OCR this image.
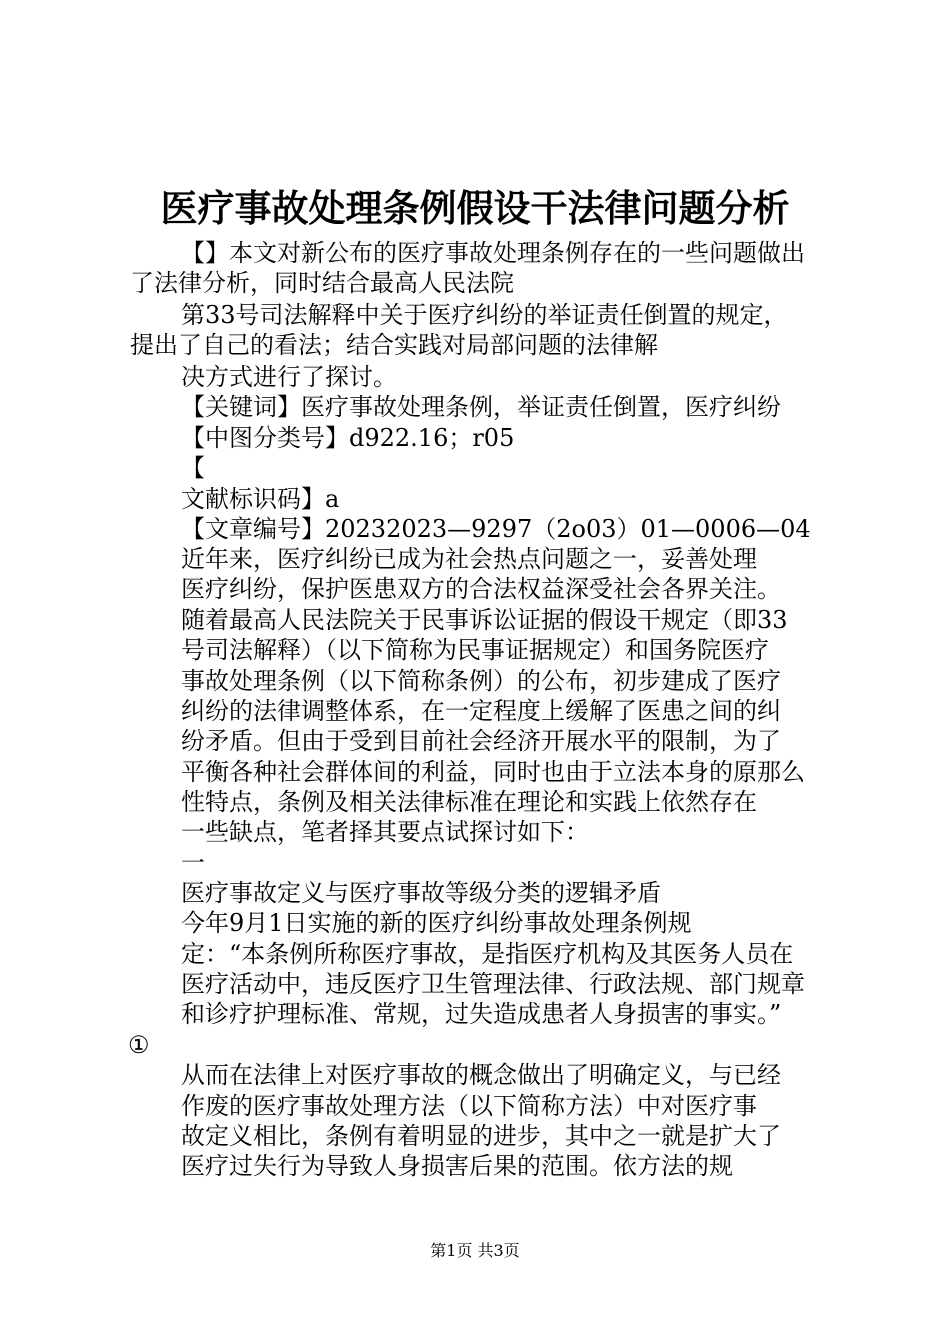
医疗事故处理条例假设干法律问题分析
【】本文对新公布的医疗事故处理条例存在的一些问题做出
了法律分析，同时结合最高人民法院
第33号司法解释中关于医疗纠纷的举证责任倒置的规定，
提出了自己的看法；结合实践对局部问题的法律解
决方式进行了探讨。
【关键词】医疗事故处理条例，举证责任倒置，医疗纠纷
【中图分类号】d922.16；r05
【
文献标识码】a
【文章编号】20232023—9297（2o03）01—0006—04
近年来，医疗纠纷已成为社会热点问题之一，妥善处理
医疗纠纷，保护医患双方的合法权益深受社会各界关注。
随着最高人民法院关于民事诉讼证据的假设干规定（即33
号司法解释）（以下简称为民事证据规定）和国务院医疗
事故处理条例（以下简称条例）的公布，初步建成了医疗
纠纷的法律调整体系，在一定程度上缓解了医患之间的纠
纷矛盾。但由于受到目前社会经济开展水平的限制，为了
平衡各种社会群体间的利益，同时也由于立法本身的原那么
性特点，条例及相关法律标准在理论和实践上依然存在
一些缺点，笔者择其要点试探讨如下：
一
医疗事故定义与医疗事故等级分类的逻辑矛盾
今年9月1日实施的新的医疗纠纷事故处理条例规
定：“本条例所称医疗事故，是指医疗机构及其医务人员在
医疗活动中，违反医疗卫生管理法律、行政法规、部门规章
和诊疗护理标准、常规，过失造成患者人身损害的事实。”
①
从而在法律上对医疗事故的概念做出了明确定义，与已经
作废的医疗事故处理方法（以下简称方法）中对医疗事
故定义相比，条例有着明显的进步，其中之一就是扩大了
医疗过失行为导致人身损害后果的范围。依方法的规
第1页 共3页
